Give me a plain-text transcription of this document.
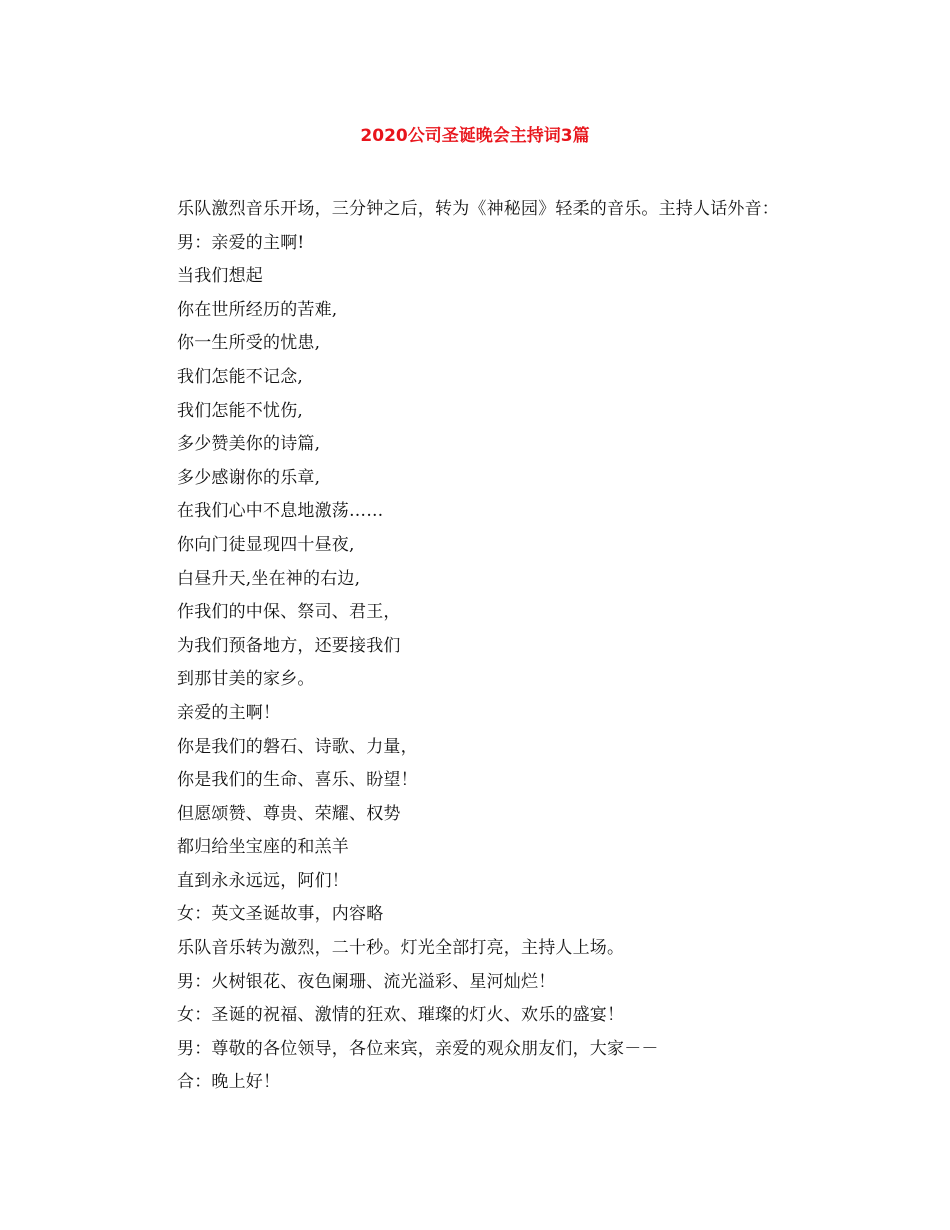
2020公司圣诞晚会主持词3篇
乐队激烈音乐开场，三分钟之后，转为《神秘园》轻柔的音乐。主持人话外音：
男：亲爱的主啊!
当我们想起
你在世所经历的苦难,
你一生所受的忧患,
我们怎能不记念,
我们怎能不忧伤,
多少赞美你的诗篇,
多少感谢你的乐章,
在我们心中不息地激荡……
你向门徒显现四十昼夜,
白昼升天,坐在神的右边,
作我们的中保、祭司、君王，
为我们预备地方，还要接我们
到那甘美的家乡。
亲爱的主啊！
你是我们的磐石、诗歌、力量，
你是我们的生命、喜乐、盼望！
但愿颂赞、尊贵、荣耀、权势
都归给坐宝座的和羔羊
直到永永远远，阿们！
女：英文圣诞故事，内容略
乐队音乐转为激烈，二十秒。灯光全部打亮，主持人上场。
男：火树银花、夜色阑珊、流光溢彩、星河灿烂！
女：圣诞的祝福、激情的狂欢、璀璨的灯火、欢乐的盛宴！
男：尊敬的各位领导，各位来宾，亲爱的观众朋友们，大家－－
合：晚上好！
